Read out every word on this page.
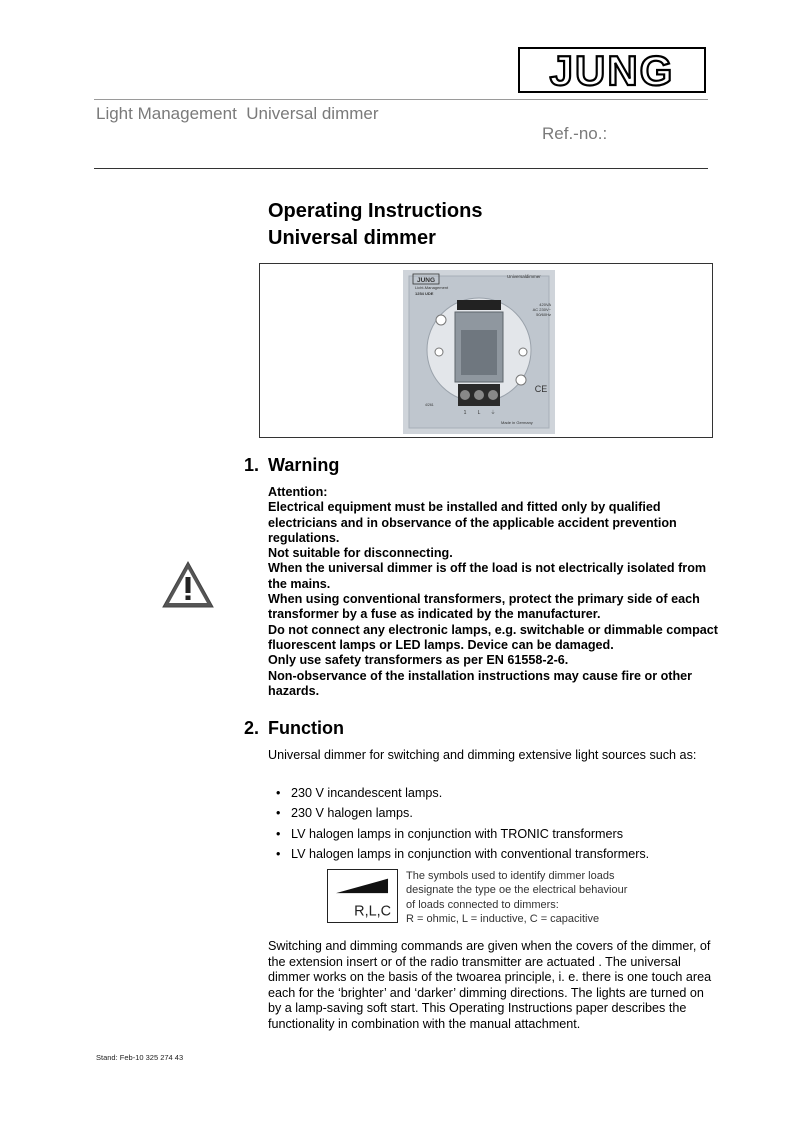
JUNG
Light Management  Universal dimmer
Ref.-no.:
Operating Instructions
Universal dimmer
JUNG
Universaldimmer
Licht-Management
1254 UDE
420VA
AC 230V~
50/60Hz
1 L ⏚
CE
Made in Germany
4/261
1. Warning
Attention:
Electrical equipment must be installed and fitted only by qualified electricians and in observance of the applicable accident prevention regulations.
Not suitable for disconnecting.
When the universal dimmer is off the load is not electrically isolated from the mains.
When using conventional transformers, protect the primary side of each transformer by a fuse as indicated by the manufacturer.
Do not connect any electronic lamps, e.g. switchable or dimmable compact fluorescent lamps or LED lamps. Device can be damaged.
Only use safety transformers as per EN 61558-2-6.
Non-observance of the installation instructions may cause fire or other hazards.
2. Function
Universal dimmer for switching and dimming extensive light sources such as:
• 230 V incandescent lamps.
• 230 V halogen lamps.
• LV halogen lamps in conjunction with TRONIC transformers
• LV halogen lamps in conjunction with conventional transformers.
R,L,C
The symbols used to identify dimmer loads
designate the type oe the electrical behaviour
of loads connected to dimmers:
R = ohmic, L = inductive, C = capacitive
Switching and dimming commands are given when the covers of the dimmer, of the extension insert or of the radio transmitter are actuated . The universal dimmer works on the basis of the twoarea principle, i. e. there is one touch area each for the ‘brighter’ and ‘darker’ dimming directions. The lights are turned on by a lamp-saving soft start. This Operating Instructions paper describes the functionality in combination with the manual attachment.
Stand: Feb-10 325 274 43
